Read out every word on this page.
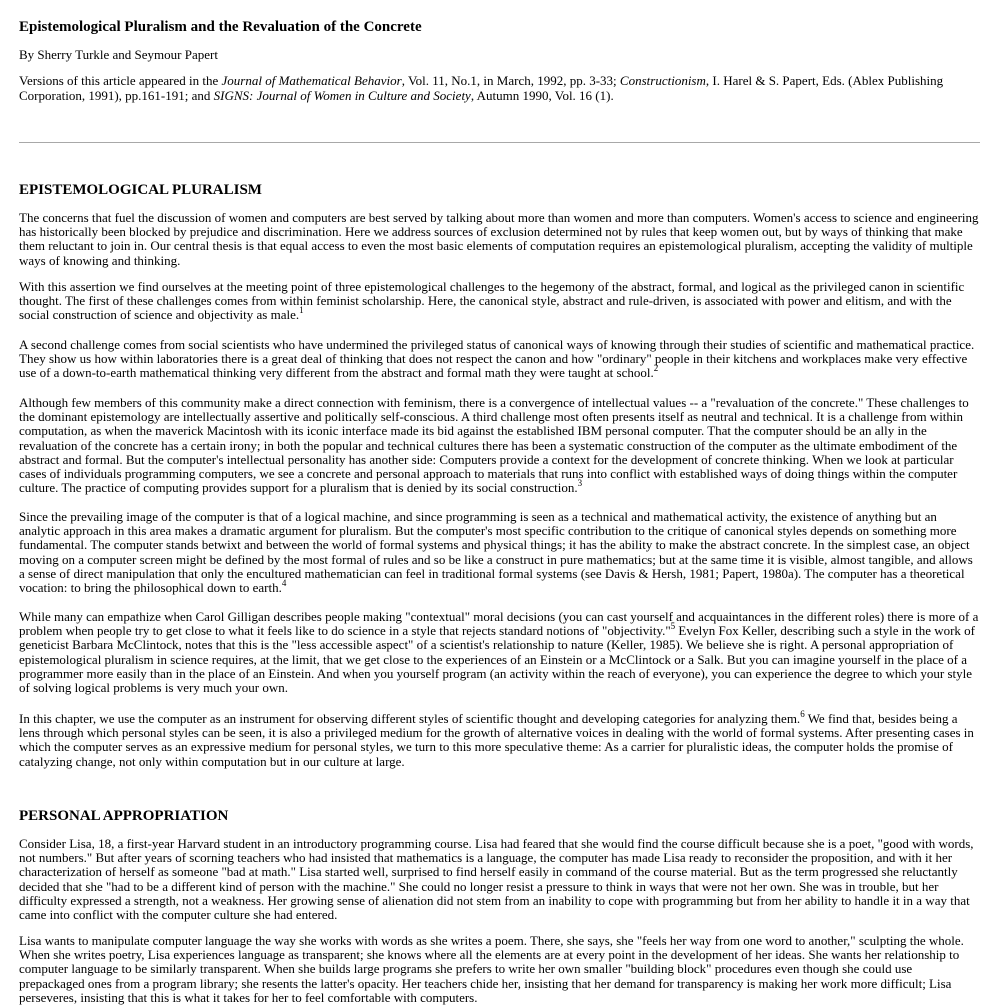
Epistemological Pluralism and the Revaluation of the Concrete

By Sherry Turkle and Seymour Papert

Versions of this article appeared in the Journal of Mathematical Behavior, Vol. 11, No.1, in March, 1992, pp. 3-33; Constructionism, I. Harel & S. Papert, Eds. (Ablex Publishing Corporation, 1991), pp.161-191; and SIGNS: Journal of Women in Culture and Society, Autumn 1990, Vol. 16 (1).

EPISTEMOLOGICAL PLURALISM

The concerns that fuel the discussion of women and computers are best served by talking about more than women and more than computers. Women's access to science and engineering has historically been blocked by prejudice and discrimination. Here we address sources of exclusion determined not by rules that keep women out, but by ways of thinking that make them reluctant to join in. Our central thesis is that equal access to even the most basic elements of computation requires an epistemological pluralism, accepting the validity of multiple ways of knowing and thinking.

With this assertion we find ourselves at the meeting point of three epistemological challenges to the hegemony of the abstract, formal, and logical as the privileged canon in scientific thought. The first of these challenges comes from within feminist scholarship. Here, the canonical style, abstract and rule-driven, is associated with power and elitism, and with the social construction of science and objectivity as male.$^1$

A second challenge comes from social scientists who have undermined the privileged status of canonical ways of knowing through their studies of scientific and mathematical practice. They show us how within laboratories there is a great deal of thinking that does not respect the canon and how "ordinary" people in their kitchens and workplaces make very effective use of a down-to-earth mathematical thinking very different from the abstract and formal math they were taught at school.$^2$

Although few members of this community make a direct connection with feminism, there is a convergence of intellectual values -- a "revaluation of the concrete." These challenges to the dominant epistemology are intellectually assertive and politically self-conscious. A third challenge most often presents itself as neutral and technical. It is a challenge from within computation, as when the maverick Macintosh with its iconic interface made its bid against the established IBM personal computer. That the computer should be an ally in the revaluation of the concrete has a certain irony; in both the popular and technical cultures there has been a systematic construction of the computer as the ultimate embodiment of the abstract and formal. But the computer's intellectual personality has another side: Computers provide a context for the development of concrete thinking. When we look at particular cases of individuals programming computers, we see a concrete and personal approach to materials that runs into conflict with established ways of doing things within the computer culture. The practice of computing provides support for a pluralism that is denied by its social construction.$^3$

Since the prevailing image of the computer is that of a logical machine, and since programming is seen as a technical and mathematical activity, the existence of anything but an analytic approach in this area makes a dramatic argument for pluralism. But the computer's most specific contribution to the critique of canonical styles depends on something more fundamental. The computer stands betwixt and between the world of formal systems and physical things; it has the ability to make the abstract concrete. In the simplest case, an object moving on a computer screen might be defined by the most formal of rules and so be like a construct in pure mathematics; but at the same time it is visible, almost tangible, and allows a sense of direct manipulation that only the encultured mathematician can feel in traditional formal systems (see Davis & Hersh, 1981; Papert, 1980a). The computer has a theoretical vocation: to bring the philosophical down to earth.$^4$

While many can empathize when Carol Gilligan describes people making "contextual" moral decisions (you can cast yourself and acquaintances in the different roles) there is more of a problem when people try to get close to what it feels like to do science in a style that rejects standard notions of "objectivity."$^5$ Evelyn Fox Keller, describing such a style in the work of geneticist Barbara McClintock, notes that this is the "less accessible aspect" of a scientist's relationship to nature (Keller, 1985). We believe she is right. A personal appropriation of epistemological pluralism in science requires, at the limit, that we get close to the experiences of an Einstein or a McClintock or a Salk. But you can imagine yourself in the place of a programmer more easily than in the place of an Einstein. And when you yourself program (an activity within the reach of everyone), you can experience the degree to which your style of solving logical problems is very much your own.

In this chapter, we use the computer as an instrument for observing different styles of scientific thought and developing categories for analyzing them.$^6$ We find that, besides being a lens through which personal styles can be seen, it is also a privileged medium for the growth of alternative voices in dealing with the world of formal systems. After presenting cases in which the computer serves as an expressive medium for personal styles, we turn to this more speculative theme: As a carrier for pluralistic ideas, the computer holds the promise of catalyzing change, not only within computation but in our culture at large.

PERSONAL APPROPRIATION

Consider Lisa, 18, a first-year Harvard student in an introductory programming course. Lisa had feared that she would find the course difficult because she is a poet, "good with words, not numbers." But after years of scorning teachers who had insisted that mathematics is a language, the computer has made Lisa ready to reconsider the proposition, and with it her characterization of herself as someone "bad at math." Lisa started well, surprised to find herself easily in command of the course material. But as the term progressed she reluctantly decided that she "had to be a different kind of person with the machine." She could no longer resist a pressure to think in ways that were not her own. She was in trouble, but her difficulty expressed a strength, not a weakness. Her growing sense of alienation did not stem from an inability to cope with programming but from her ability to handle it in a way that came into conflict with the computer culture she had entered.

Lisa wants to manipulate computer language the way she works with words as she writes a poem. There, she says, she "feels her way from one word to another," sculpting the whole. When she writes poetry, Lisa experiences language as transparent; she knows where all the elements are at every point in the development of her ideas. She wants her relationship to computer language to be similarly transparent. When she builds large programs she prefers to write her own smaller "building block" procedures even though she could use prepackaged ones from a program library; she resents the latter's opacity. Her teachers chide her, insisting that her demand for transparency is making her work more difficult; Lisa perseveres, insisting that this is what it takes for her to feel comfortable with computers.
